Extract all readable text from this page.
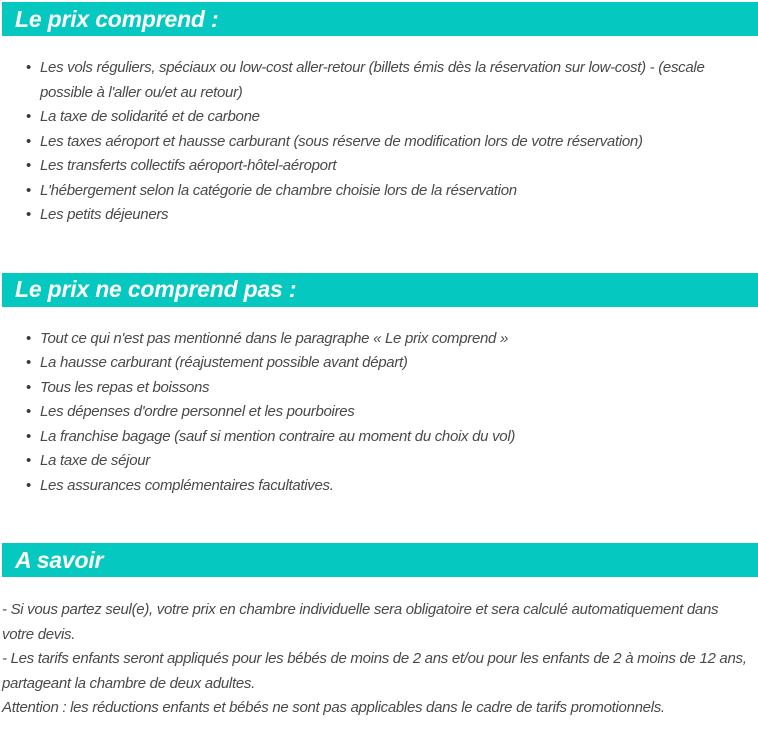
Le prix comprend :
• Les vols réguliers, spéciaux ou low-cost aller-retour (billets émis dès la réservation sur low-cost) - (escale possible à l'aller ou/et au retour)
• La taxe de solidarité et de carbone
• Les taxes aéroport et hausse carburant (sous réserve de modification lors de votre réservation)
• Les transferts collectifs aéroport-hôtel-aéroport
• L'hébergement selon la catégorie de chambre choisie lors de la réservation
• Les petits déjeuners
Le prix ne comprend pas :
• Tout ce qui n'est pas mentionné dans le paragraphe « Le prix comprend »
• La hausse carburant (réajustement possible avant départ)
• Tous les repas et boissons
• Les dépenses d'ordre personnel et les pourboires
• La franchise bagage (sauf si mention contraire au moment du choix du vol)
• La taxe de séjour
• Les assurances complémentaires facultatives.
A savoir

- Si vous partez seul(e), votre prix en chambre individuelle sera obligatoire et sera calculé automatiquement dans votre devis.

- Les tarifs enfants seront appliqués pour les bébés de moins de 2 ans et/ou pour les enfants de 2 à moins de 12 ans, partageant la chambre de deux adultes.

Attention : les réductions enfants et bébés ne sont pas applicables dans le cadre de tarifs promotionnels.
